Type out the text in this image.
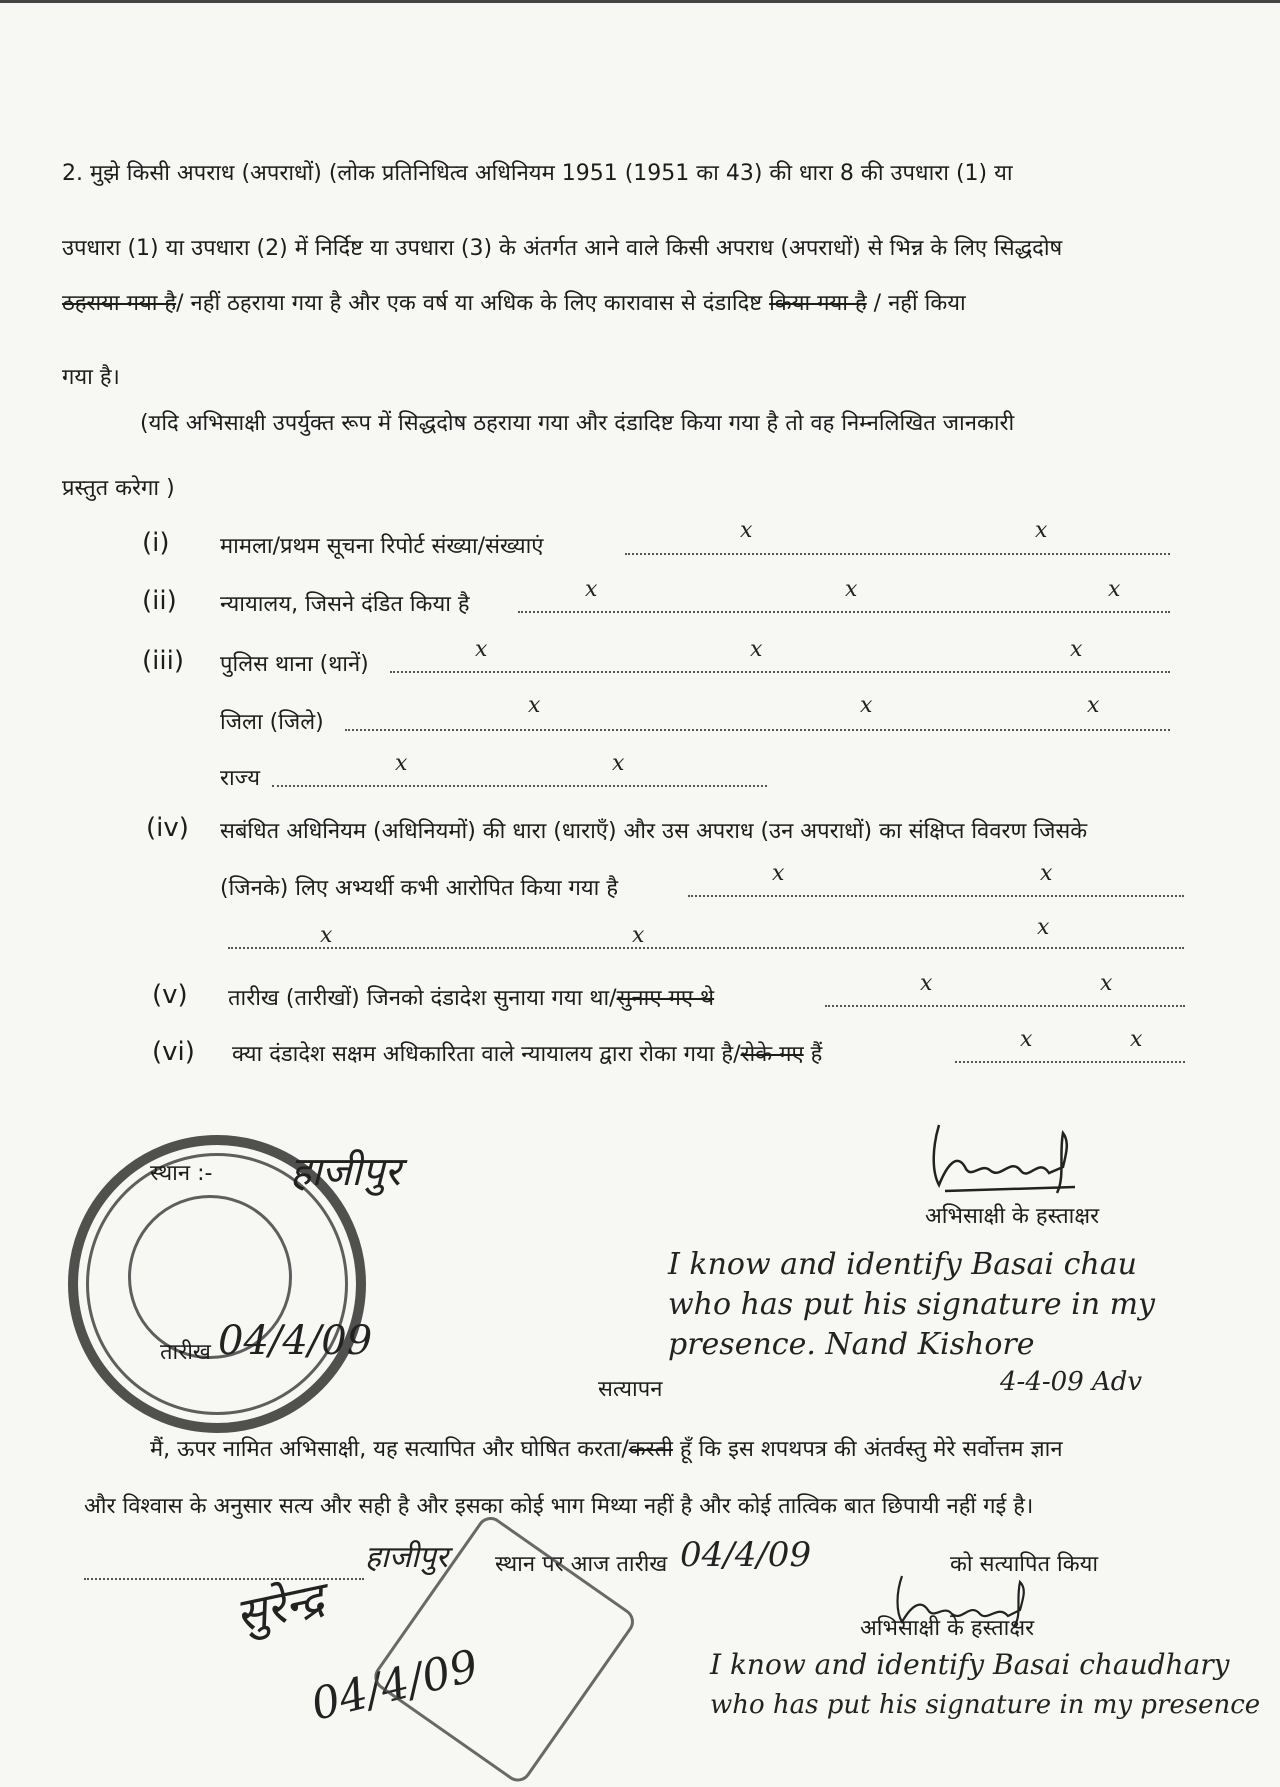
2. मुझे किसी अपराध (अपराधों) (लोक प्रतिनिधित्व अधिनियम 1951 (1951 का 43) की धारा 8 की उपधारा (1) या
उपधारा (1) या उपधारा (2) में निर्दिष्ट या उपधारा (3) के अंतर्गत आने वाले किसी अपराध (अपराधों) से भिन्न के लिए सिद्धदोष
ठहराया गया है/ नहीं ठहराया गया है और एक वर्ष या अधिक के लिए कारावास से दंडादिष्ट किया गया है / नहीं किया
गया है।
(यदि अभिसाक्षी उपर्युक्त रूप में सिद्धदोष ठहराया गया और दंडादिष्ट किया गया है तो वह निम्नलिखित जानकारी
प्रस्तुत करेगा )
(i) मामला/प्रथम सूचना रिपोर्ट संख्या/संख्याएं
x	x
(ii) न्यायालय, जिसने दंडित किया है
x	x	x
(iii) पुलिस थाना (थानें)
x	x	x
जिला (जिले)
x	x	x
राज्य
x	x
(iv) सबंधित अधिनियम (अधिनियमों) की धारा (धाराएँ) और उस अपराध (उन अपराधों) का संक्षिप्त विवरण जिसके
(जिनके) लिए अभ्यर्थी कभी आरोपित किया गया है
x	x
x	x	x
(v) तारीख (तारीखों) जिनको दंडादेश सुनाया गया था/सुनाए गए थे
x	x
(vi) क्या दंडादेश सक्षम अधिकारिता वाले न्यायालय द्वारा रोका गया है/रोके गए हैं
x	x
स्थान :- हाजीपुर
तारीख 04/4/09
अभिसाक्षी के हस्ताक्षर
I know and identify Basai chau
who has put his signature in my
presence. Nand Kishore
4-4-09 Adv
सत्यापन
मैं, ऊपर नामित अभिसाक्षी, यह सत्यापित और घोषित करता/करती हूँ कि इस शपथपत्र की अंतर्वस्तु मेरे सर्वोत्तम ज्ञान
और विश्वास के अनुसार सत्य और सही है और इसका कोई भाग मिथ्या नहीं है और कोई तात्विक बात छिपायी नहीं गई है।
हाजीपुर स्थान पर आज तारीख 04/4/09	को सत्यापित किया
अभिसाक्षी के हस्ताक्षर
I know and identify Basai chaudhary
who has put his signature in my presence
सुरेन्द्र
04/4/09
